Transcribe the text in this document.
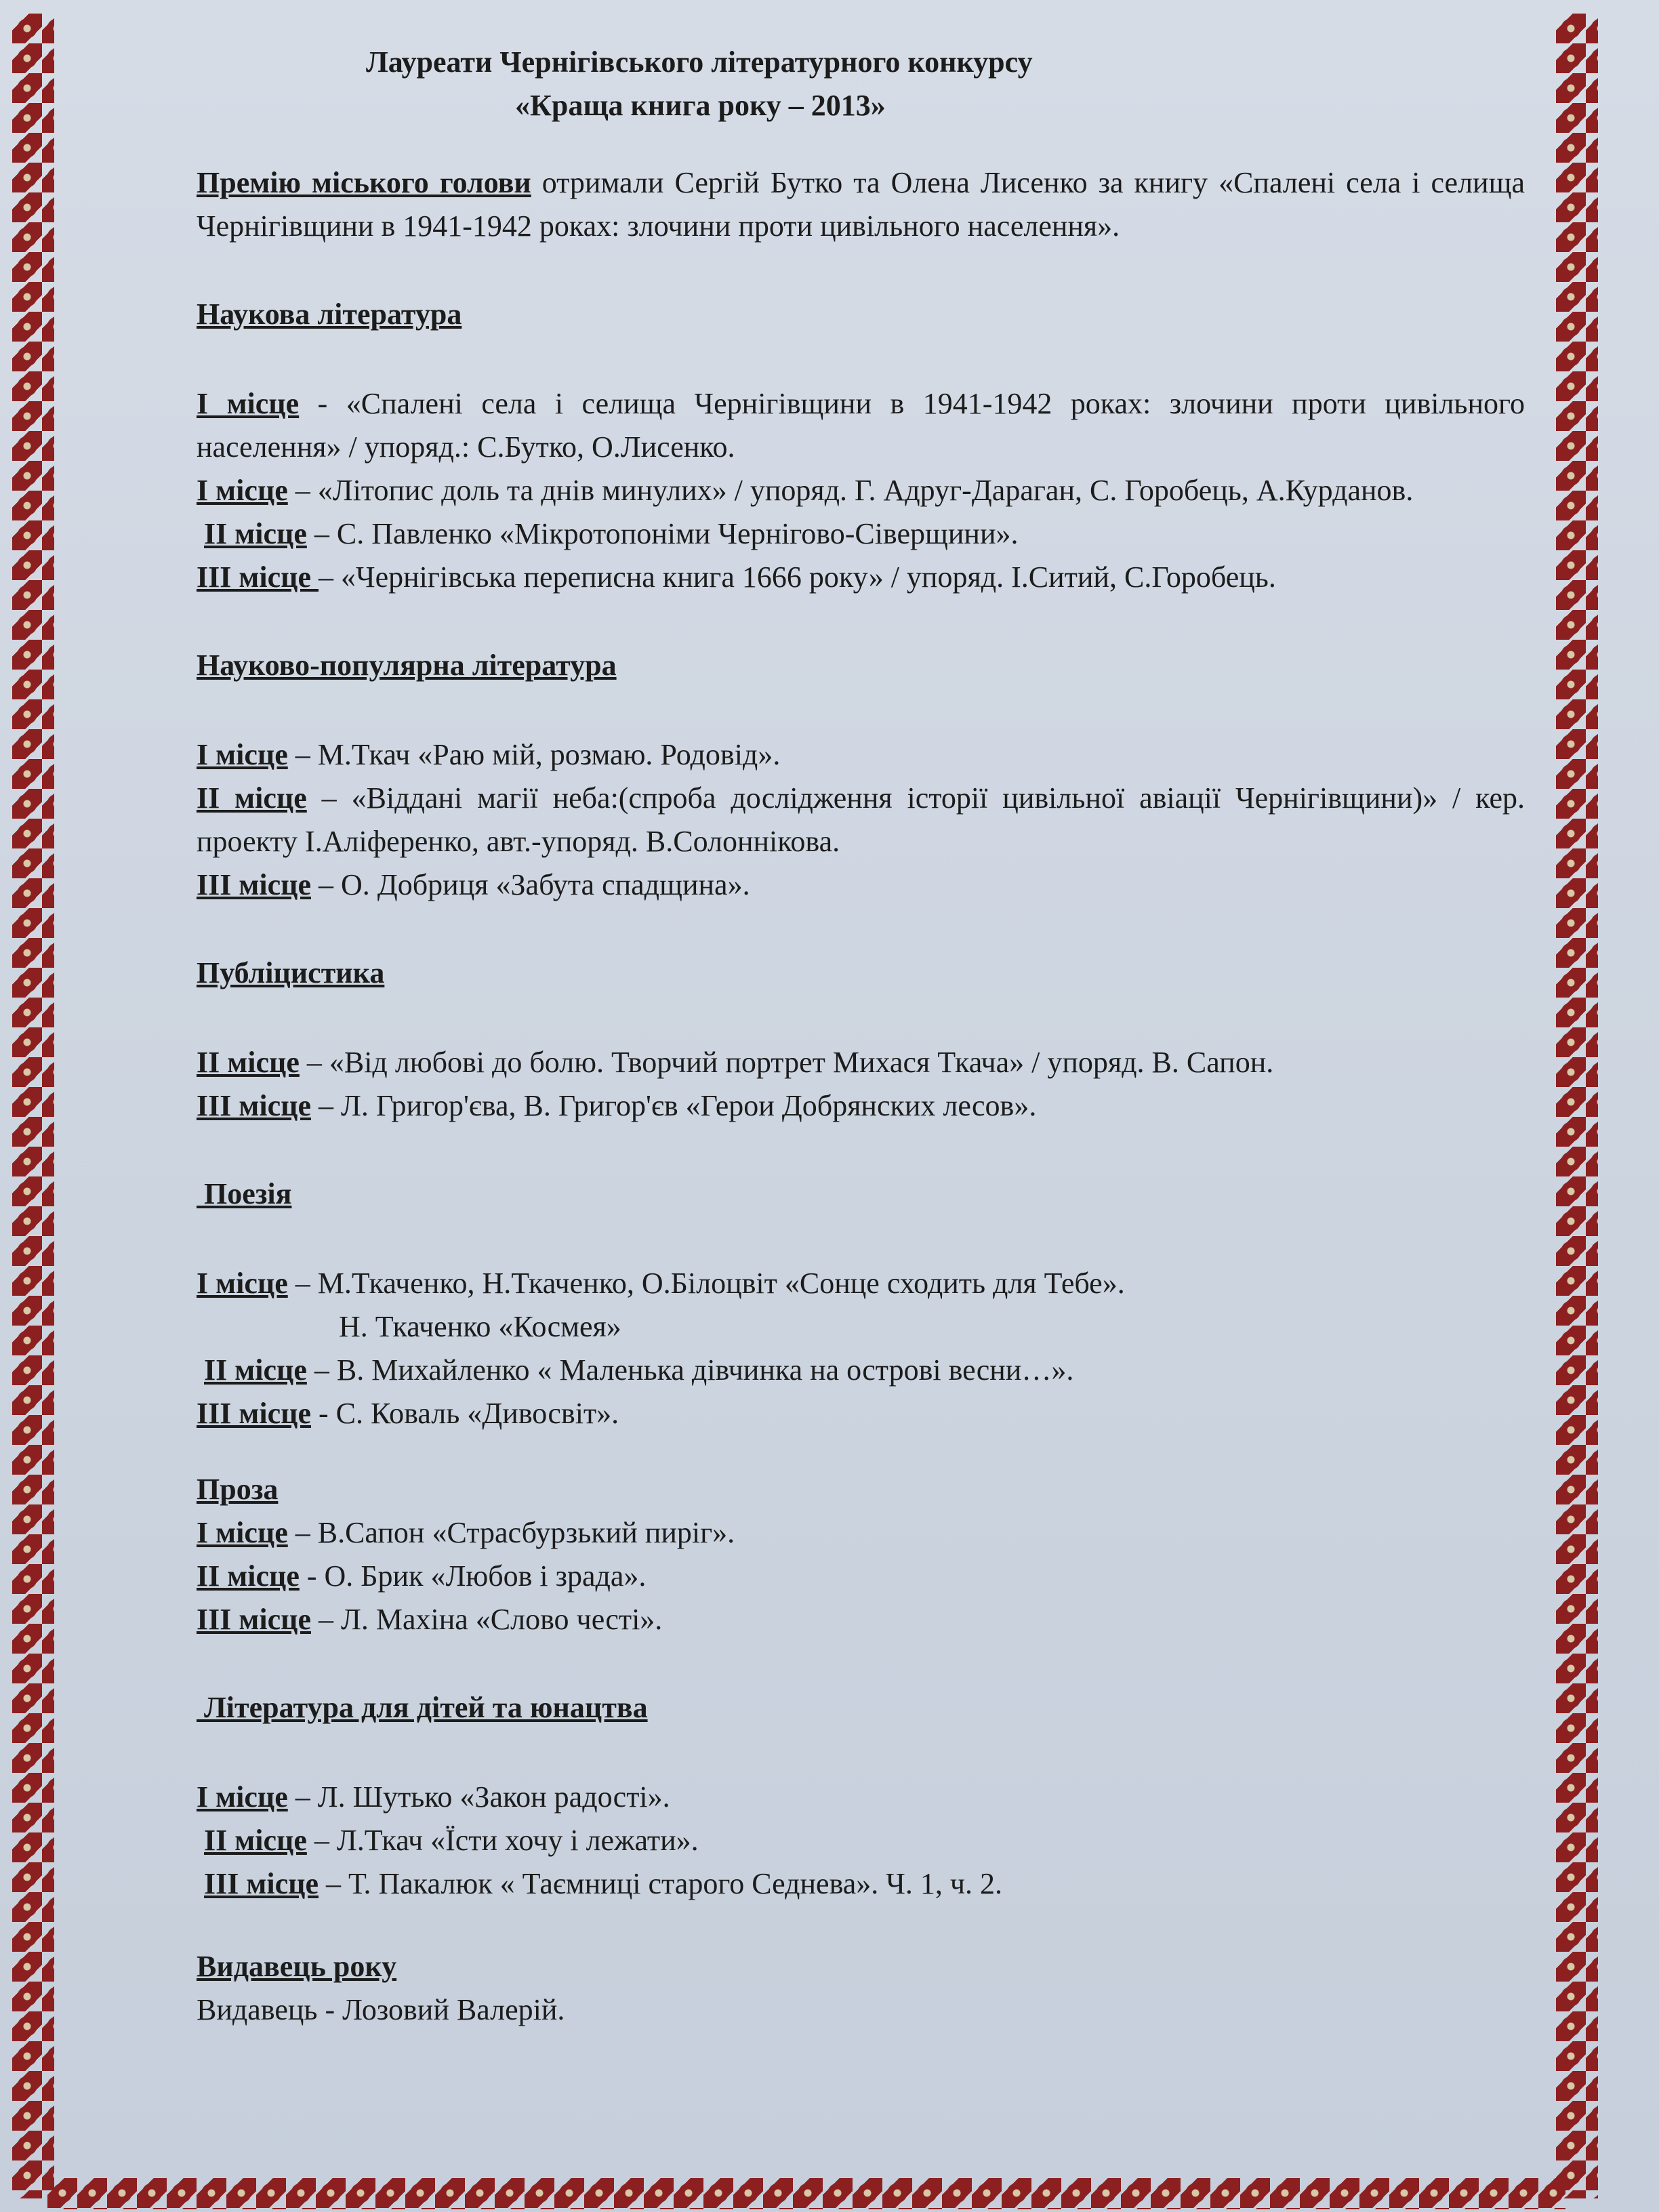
Лауреати Чернігівського літературного конкурсу

«Краща книга року – 2013»

Премію міського голови отримали Сергій Бутко та Олена Лисенко за книгу «Спалені села і селища Чернігівщини в 1941-1942 роках: злочини проти цивільного населення».

Наукова література

I місце - «Спалені села і селища Чернігівщини в 1941-1942 роках: злочини проти цивільного населення» / упоряд.: С.Бутко, О.Лисенко.

I місце – «Літопис доль та днів минулих» / упоряд. Г. Адруг-Дараган, С. Горобець, А.Курданов.

II місце – С. Павленко «Мікротопоніми Чернігово-Сіверщини».

III місце – «Чернігівська переписна книга 1666 року» / упоряд. І.Ситий, С.Горобець.

Науково-популярна література

I місце – М.Ткач «Раю мій, розмаю. Родовід».

II місце – «Віддані магії неба:(спроба дослідження історії цивільної авіації Чернігівщини)» / кер. проекту І.Аліференко, авт.-упоряд. В.Солоннікова.

III місце – О. Добриця «Забута спадщина».

Публіцистика

II місце – «Від любові до болю. Творчий портрет Михася Ткача» / упоряд. В. Сапон.

III місце – Л. Григор'єва, В. Григор'єв «Герои Добрянских лесов».

Поезія

I місце – М.Ткаченко, Н.Ткаченко, О.Білоцвіт «Сонце сходить для Тебе».

Н. Ткаченко «Космея»

II місце – В. Михайленко « Маленька дівчинка на острові весни…».

III місце - С. Коваль «Дивосвіт».

Проза

I місце – В.Сапон «Страсбурзький пиріг».

II місце - О. Брик «Любов і зрада».

III місце – Л. Махіна «Слово честі».

Література для дітей та юнацтва

I місце – Л. Шутько «Закон радості».

II місце – Л.Ткач «Їсти хочу і лежати».

III місце – Т. Пакалюк « Таємниці старого Седнева». Ч. 1, ч. 2.

Видавець року

Видавець - Лозовий Валерій.
